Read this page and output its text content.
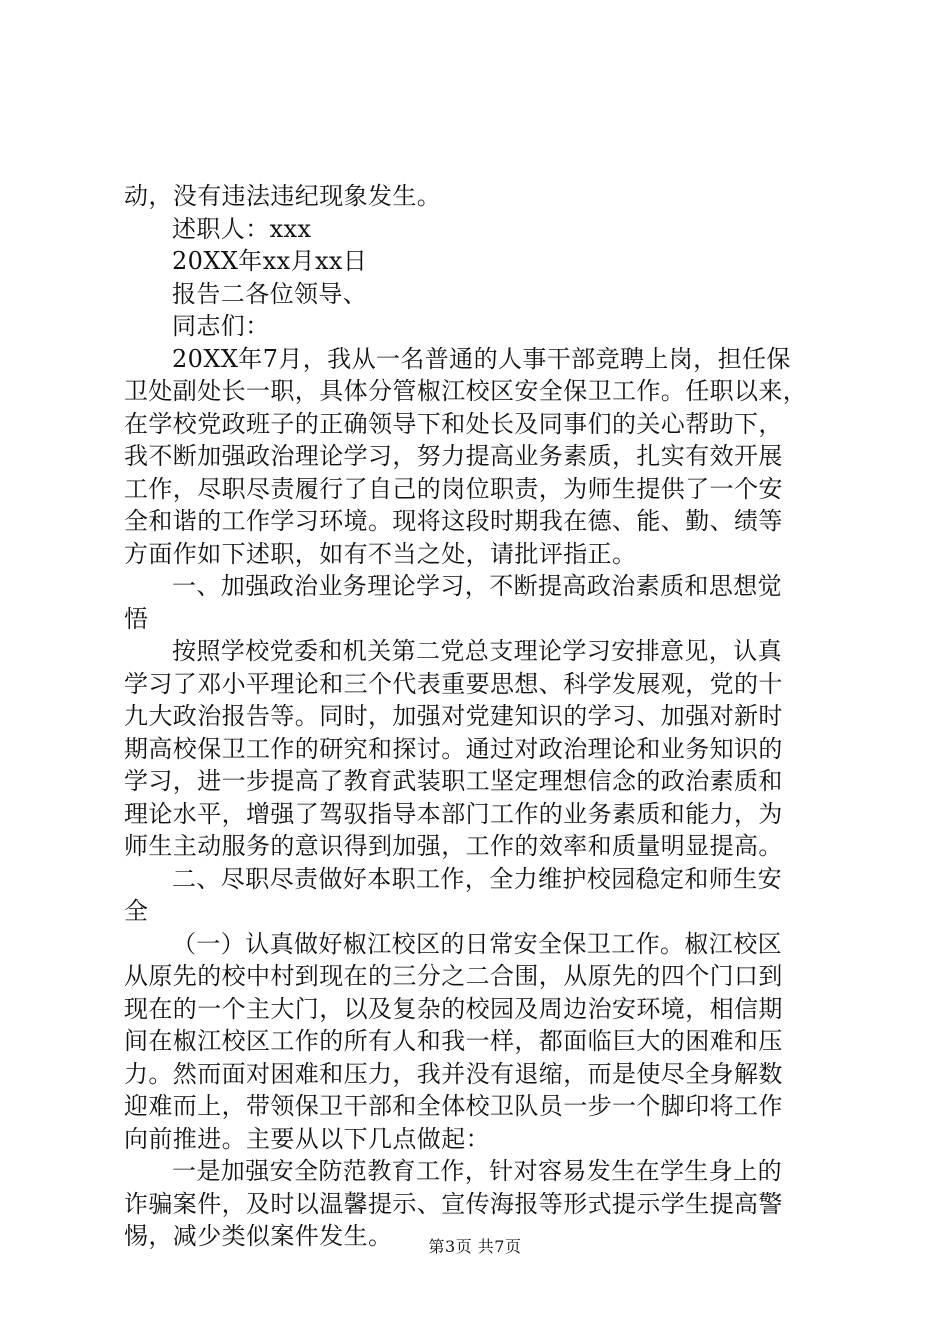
动，没有违法违纪现象发生。
述职人：xxx
20XX年xx月xx日
报告二各位领导、
同志们：
20XX年7月，我从一名普通的人事干部竞聘上岗，担任保
卫处副处长一职，具体分管椒江校区安全保卫工作。任职以来，
在学校党政班子的正确领导下和处长及同事们的关心帮助下，
我不断加强政治理论学习，努力提高业务素质，扎实有效开展
工作，尽职尽责履行了自己的岗位职责，为师生提供了一个安
全和谐的工作学习环境。现将这段时期我在德、能、勤、绩等
方面作如下述职，如有不当之处，请批评指正。
一、加强政治业务理论学习，不断提高政治素质和思想觉
悟
按照学校党委和机关第二党总支理论学习安排意见，认真
学习了邓小平理论和三个代表重要思想、科学发展观，党的十
九大政治报告等。同时，加强对党建知识的学习、加强对新时
期高校保卫工作的研究和探讨。通过对政治理论和业务知识的
学习，进一步提高了教育武装职工坚定理想信念的政治素质和
理论水平，增强了驾驭指导本部门工作的业务素质和能力，为
师生主动服务的意识得到加强，工作的效率和质量明显提高。
二、尽职尽责做好本职工作，全力维护校园稳定和师生安
全
（一）认真做好椒江校区的日常安全保卫工作。椒江校区
从原先的校中村到现在的三分之二合围，从原先的四个门口到
现在的一个主大门，以及复杂的校园及周边治安环境，相信期
间在椒江校区工作的所有人和我一样，都面临巨大的困难和压
力。然而面对困难和压力，我并没有退缩，而是使尽全身解数
迎难而上，带领保卫干部和全体校卫队员一步一个脚印将工作
向前推进。主要从以下几点做起：
一是加强安全防范教育工作，针对容易发生在学生身上的
诈骗案件，及时以温馨提示、宣传海报等形式提示学生提高警
惕，减少类似案件发生。	第3页 共7页
